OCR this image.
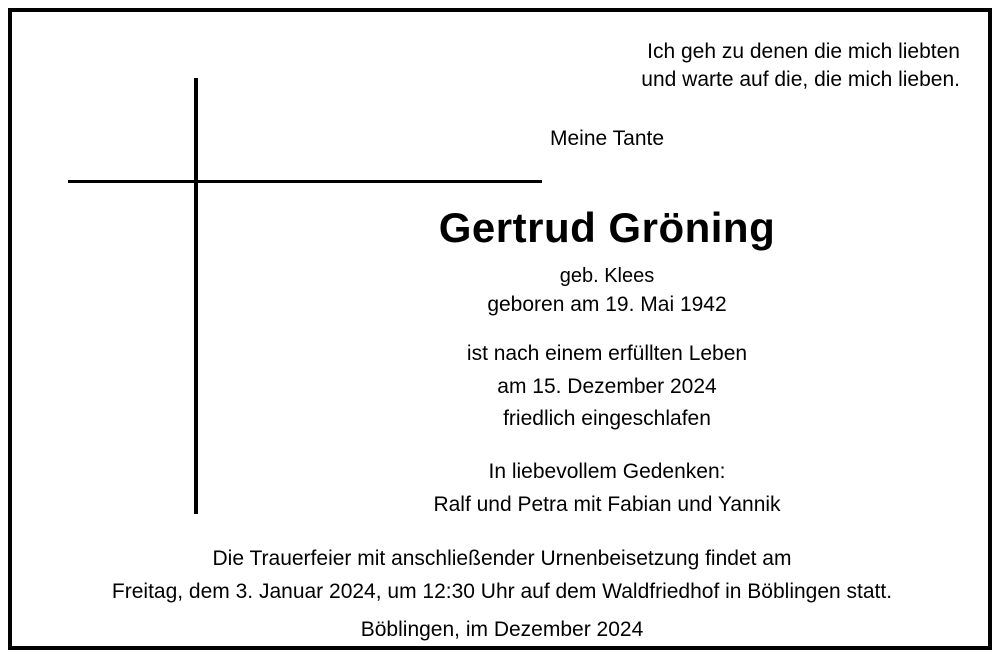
Ich geh zu denen die mich liebten
und warte auf die, die mich lieben.
Meine Tante
Gertrud Gröning
geb. Klees
geboren am 19. Mai 1942
ist nach einem erfüllten Leben
am 15. Dezember 2024
friedlich eingeschlafen
In liebevollem Gedenken:
Ralf und Petra mit Fabian und Yannik
Die Trauerfeier mit anschließender Urnenbeisetzung findet am
Freitag, dem 3. Januar 2024, um 12:30 Uhr auf dem Waldfriedhof in Böblingen statt.
Böblingen, im Dezember 2024
